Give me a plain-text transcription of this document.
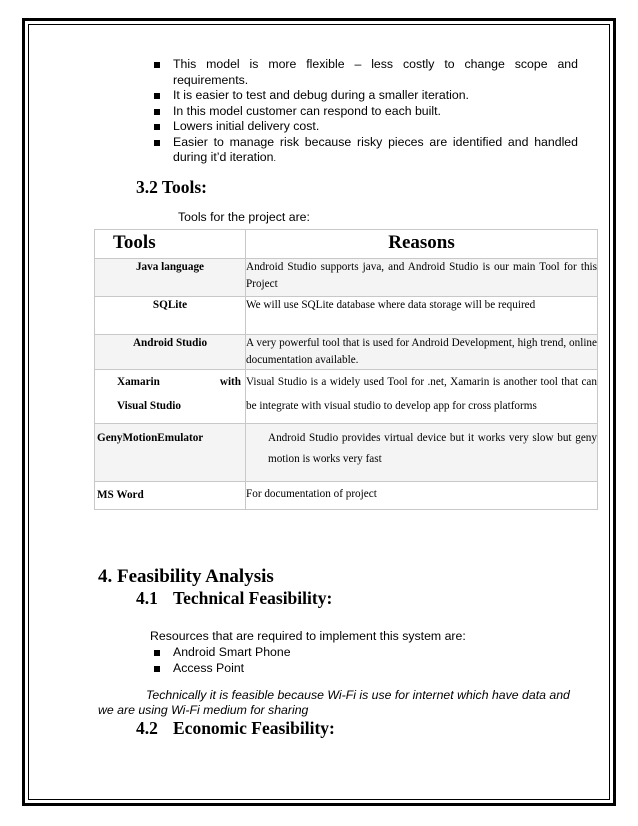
This model is more flexible – less costly to change scope and
requirements.
It is easier to test and debug during a smaller iteration.
In this model customer can respond to each built.
Lowers initial delivery cost.
Easier to manage risk because risky pieces are identified and handled
during it’d iteration.
3.2 Tools:
Tools for the project are:
Tools	Reasons
Java language	Android Studio supports java, and Android Studio is our main Tool for this Project
SQLite	We will use SQLite database where data storage will be required
Android Studio	A very powerful tool that is used for Android Development, high trend, online documentation available.

Xamarin with
Visual Studio	Visual Studio is a widely used Tool for .net, Xamarin is another tool that can be integrate with visual studio to develop app for cross platforms
GenyMotionEmulator	Android Studio provides virtual device but it works very slow but geny motion is works very fast
MS Word	For documentation of project
4. Feasibility Analysis
4.1 Technical Feasibility:
Resources that are required to implement this system are:
Android Smart Phone
Access Point
Technically it is feasible because Wi-Fi is use for internet which have data and we are using Wi-Fi medium for sharing
4.2 Economic Feasibility:
